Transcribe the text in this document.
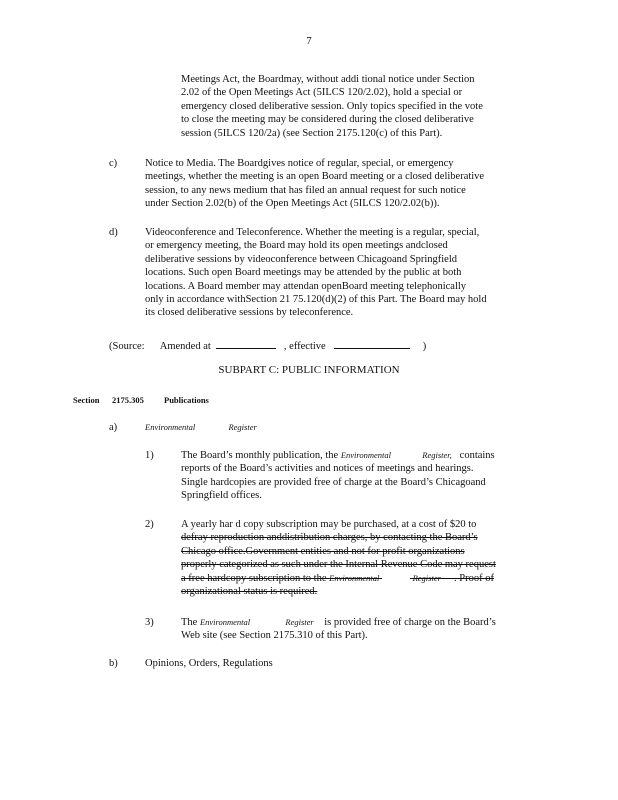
7
Meetings Act, the Boardmay, without addi tional notice under Section
2.02 of the Open Meetings Act (5ILCS 120/2.02), hold a special or
emergency closed deliberative session. Only topics specified in the vote
to close the meeting may be considered during the closed deliberative
session (5ILCS 120/2a) (see Section 2175.120(c) of this Part).
c)	Notice to Media. The Boardgives notice of regular, special, or emergency
meetings, whether the meeting is an open Board meeting or a closed deliberative
session, to any news medium that has filed an annual request for such notice
under Section 2.02(b) of the Open Meetings Act (5ILCS 120/2.02(b)).
d)	Videoconference and Teleconference. Whether the meeting is a regular, special,
or emergency meeting, the Board may hold its open meetings andclosed
deliberative sessions by videoconference between Chicagoand Springfield
locations. Such open Board meetings may be attended by the public at both
locations. A Board member may attendan openBoard meeting telephonically
only in accordance withSection 21 75.120(d)(2) of this Part. The Board may hold
its closed deliberative sessions by teleconference.
(Source: Amended at	, effective	)
SUBPART C: PUBLIC INFORMATION
Section 2175.305 Publications
a)	Environmental	Register
1)	The Board’s monthly publication, the Environmental	Register, contains
reports of the Board’s activities and notices of meetings and hearings.
Single hardcopies are provided free of charge at the Board’s Chicagoand
Springfield offices.
2)	A yearly har d copy subscription may be purchased, at a cost of $20 to
defray reproduction anddistribution charges, by contacting the Board’s
Chicago office.Government entities and not for profit organizations
properly categorized as such under the Internal Revenue Code may request
a free hardcopy subscription to the Environmental	Register . Proof of
organizational status is required.
3)	The Environmental	Register is provided free of charge on the Board’s
Web site (see Section 2175.310 of this Part).
b)	Opinions, Orders, Regulations
